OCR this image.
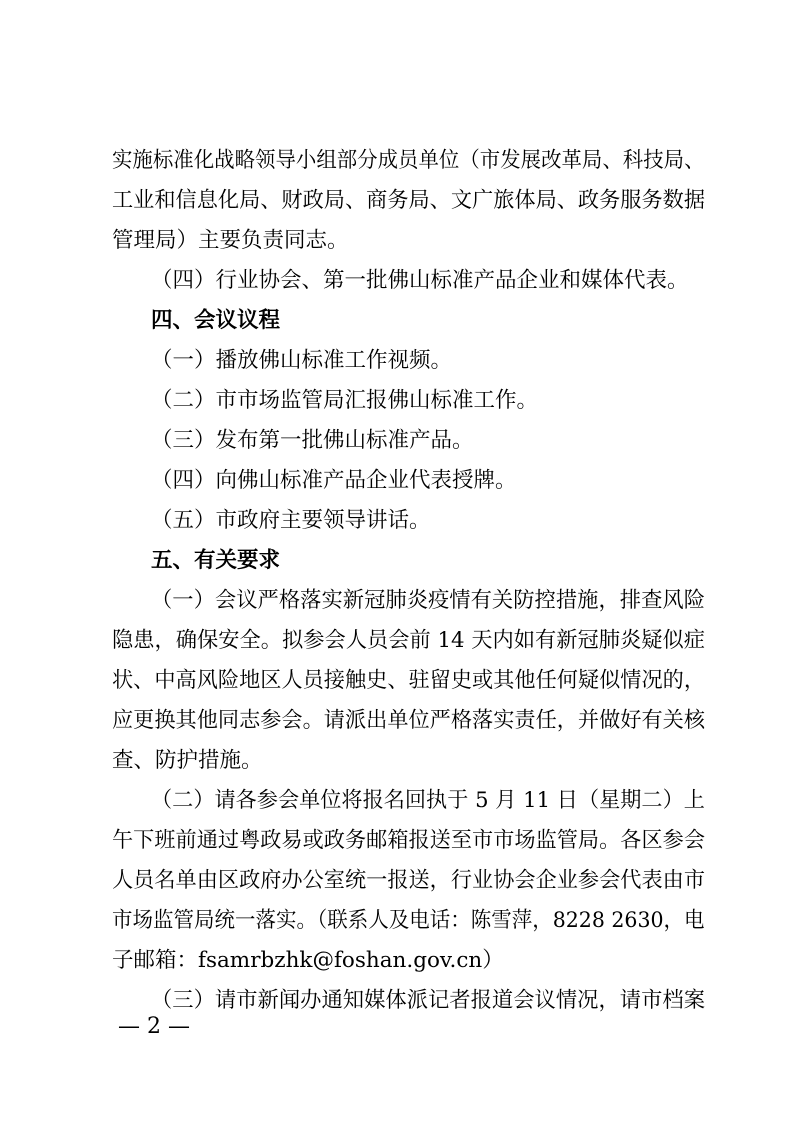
实施标准化战略领导小组部分成员单位（市发展改革局、科技局、
工业和信息化局、财政局、商务局、文广旅体局、政务服务数据
管理局）主要负责同志。
（四）行业协会、第一批佛山标准产品企业和媒体代表。
四、会议议程
（一）播放佛山标准工作视频。
（二）市市场监管局汇报佛山标准工作。
（三）发布第一批佛山标准产品。
（四）向佛山标准产品企业代表授牌。
（五）市政府主要领导讲话。
五、有关要求
（一）会议严格落实新冠肺炎疫情有关防控措施，排查风险
隐患，确保安全。拟参会人员会前 14 天内如有新冠肺炎疑似症
状、中高风险地区人员接触史、驻留史或其他任何疑似情况的，
应更换其他同志参会。请派出单位严格落实责任，并做好有关核
查、防护措施。
（二）请各参会单位将报名回执于 5 月 11 日（星期二）上
午下班前通过粤政易或政务邮箱报送至市市场监管局。各区参会
人员名单由区政府办公室统一报送，行业协会企业参会代表由市
市场监管局统一落实。（联系人及电话：陈雪萍，8228 2630，电
子邮箱：fsamrbzhk@foshan.gov.cn）
（三）请市新闻办通知媒体派记者报道会议情况，请市档案
— 2 —
